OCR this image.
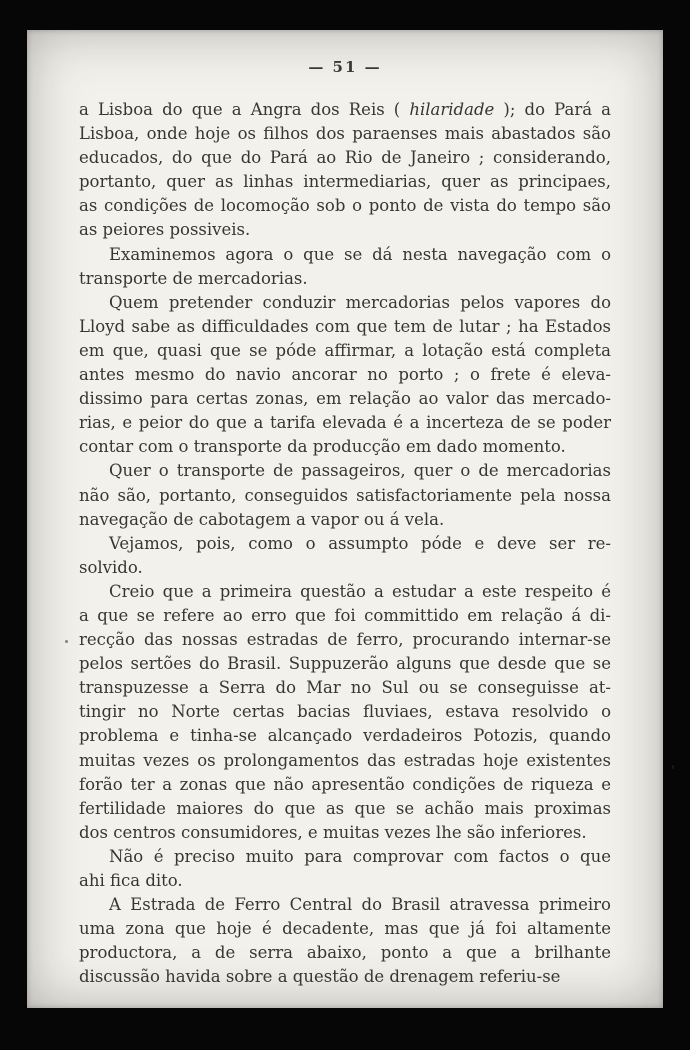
— 51 —

a Lisboa do que a Angra dos Reis ( hilaridade ); do Pará a
Lisboa, onde hoje os filhos dos paraenses mais abastados são
educados, do que do Pará ao Rio de Janeiro ; considerando,
portanto, quer as linhas intermediarias, quer as principaes,
as condições de locomoção sob o ponto de vista do tempo são
as peiores possiveis.

Examinemos agora o que se dá nesta navegação com o
transporte de mercadorias.

Quem pretender conduzir mercadorias pelos vapores do
Lloyd sabe as difficuldades com que tem de lutar ; ha Estados
em que, quasi que se póde affirmar, a lotação está completa
antes mesmo do navio ancorar no porto ; o frete é eleva-
dissimo para certas zonas, em relação ao valor das mercado-
rias, e peior do que a tarifa elevada é a incerteza de se poder
contar com o transporte da producção em dado momento.

Quer o transporte de passageiros, quer o de mercadorias
não são, portanto, conseguidos satisfactoriamente pela nossa
navegação de cabotagem a vapor ou á vela.

Vejamos, pois, como o assumpto póde e deve ser re-
solvido.

Creio que a primeira questão a estudar a este respeito é
a que se refere ao erro que foi committido em relação á di-
recção das nossas estradas de ferro, procurando internar-se
pelos sertões do Brasil. Suppuzerão alguns que desde que se
transpuzesse a Serra do Mar no Sul ou se conseguisse at-
tingir no Norte certas bacias fluviaes, estava resolvido o
problema e tinha-se alcançado verdadeiros Potozis, quando
muitas vezes os prolongamentos das estradas hoje existentes
forão ter a zonas que não apresentão condições de riqueza e
fertilidade maiores do que as que se achão mais proximas
dos centros consumidores, e muitas vezes lhe são inferiores.

Não é preciso muito para comprovar com factos o que
ahi fica dito.

A Estrada de Ferro Central do Brasil atravessa primeiro
uma zona que hoje é decadente, mas que já foi altamente
productora, a de serra abaixo, ponto a que a brilhante
discussão havida sobre a questão de drenagem referiu-se
